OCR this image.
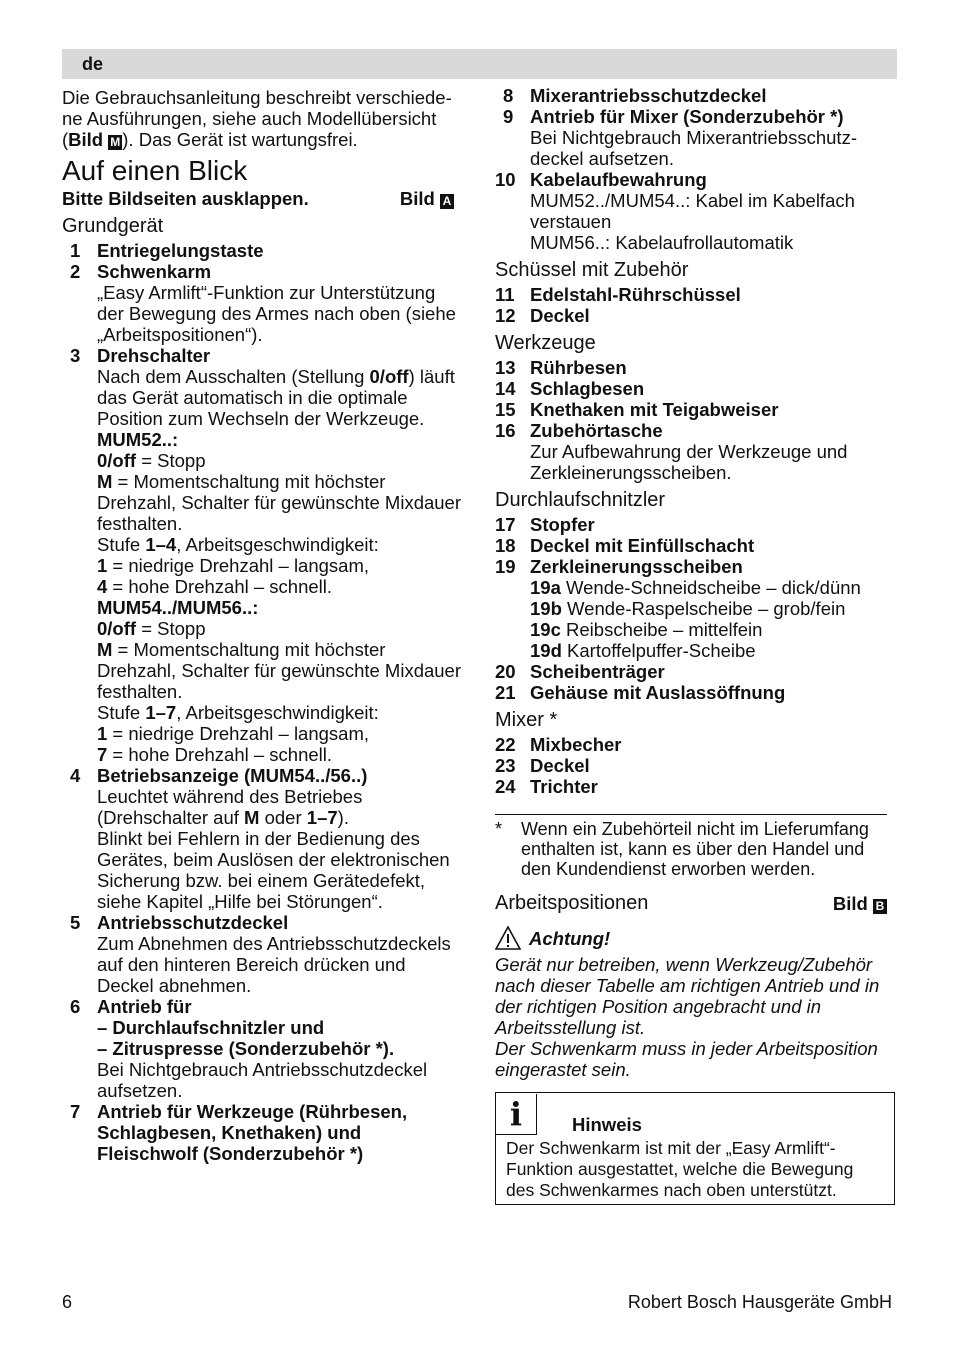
de
Die Gebrauchsanleitung beschreibt verschiede-ne Ausführungen, siehe auch Modellübersicht (Bild M ). Das Gerät ist wartungsfrei.
Auf einen Blick
Bitte Bildseiten ausklappen.	Bild A
Grundgerät
1 Entriegelungstaste
2 Schwenkarm
„Easy Armlift“-Funktion zur Unterstützung der Bewegung des Armes nach oben (siehe „Arbeitspositionen“).
3 Drehschalter
Nach dem Ausschalten (Stellung 0/off) läuft das Gerät automatisch in die optimale Position zum Wechseln der Werkzeuge.
MUM52..:
0/off = Stopp
M = Momentschaltung mit höchster Drehzahl, Schalter für gewünschte Mixdauer festhalten.
Stufe 1–4, Arbeitsgeschwindigkeit:
1 = niedrige Drehzahl – langsam,
4 = hohe Drehzahl – schnell.
MUM54../MUM56..:
0/off = Stopp
M = Momentschaltung mit höchster Drehzahl, Schalter für gewünschte Mixdauer festhalten.
Stufe 1–7, Arbeitsgeschwindigkeit:
1 = niedrige Drehzahl – langsam,
7 = hohe Drehzahl – schnell.
4 Betriebsanzeige (MUM54../56..)
Leuchtet während des Betriebes (Drehschalter auf M oder 1–7).
Blinkt bei Fehlern in der Bedienung des Gerätes, beim Auslösen der elektronischen Sicherung bzw. bei einem Gerätedefekt, siehe Kapitel „Hilfe bei Störungen“.
5 Antriebsschutzdeckel
Zum Abnehmen des Antriebsschutzdeckels auf den hinteren Bereich drücken und Deckel abnehmen.
6 Antrieb für
– Durchlaufschnitzler und
– Zitruspresse (Sonderzubehör *).
Bei Nichtgebrauch Antriebsschutzdeckel aufsetzen.
7 Antrieb für Werkzeuge (Rührbesen, Schlagbesen, Knethaken) und Fleischwolf (Sonderzubehör *)
8 Mixerantriebsschutzdeckel
9 Antrieb für Mixer (Sonderzubehör *)
Bei Nichtgebrauch Mixerantriebsschutz-deckel aufsetzen.
10 Kabelaufbewahrung
MUM52../MUM54..: Kabel im Kabelfach verstauen
MUM56..: Kabelaufrollautomatik
Schüssel mit Zubehör
11 Edelstahl-Rührschüssel
12 Deckel
Werkzeuge
13 Rührbesen
14 Schlagbesen
15 Knethaken mit Teigabweiser
16 Zubehörtasche
Zur Aufbewahrung der Werkzeuge und Zerkleinerungsscheiben.
Durchlaufschnitzler
17 Stopfer
18 Deckel mit Einfüllschacht
19 Zerkleinerungsscheiben
19a Wende-Schneidscheibe – dick/dünn
19b Wende-Raspelscheibe – grob/fein
19c Reibscheibe – mittelfein
19d Kartoffelpuffer-Scheibe
20 Scheibenträger
21 Gehäuse mit Auslassöffnung
Mixer *
22 Mixbecher
23 Deckel
24 Trichter
*	Wenn ein Zubehörteil nicht im Lieferumfang enthalten ist, kann es über den Handel und den Kundendienst erworben werden.
Arbeitspositionen	Bild B
Achtung!
Gerät nur betreiben, wenn Werkzeug/Zubehör nach dieser Tabelle am richtigen Antrieb und in der richtigen Position angebracht und in Arbeitsstellung ist.
Der Schwenkarm muss in jeder Arbeitsposition eingerastet sein.
i	Hinweis
Der Schwenkarm ist mit der „Easy Armlift“-Funktion ausgestattet, welche die Bewegung des Schwenkarmes nach oben unterstützt.
6	Robert Bosch Hausgeräte GmbH
